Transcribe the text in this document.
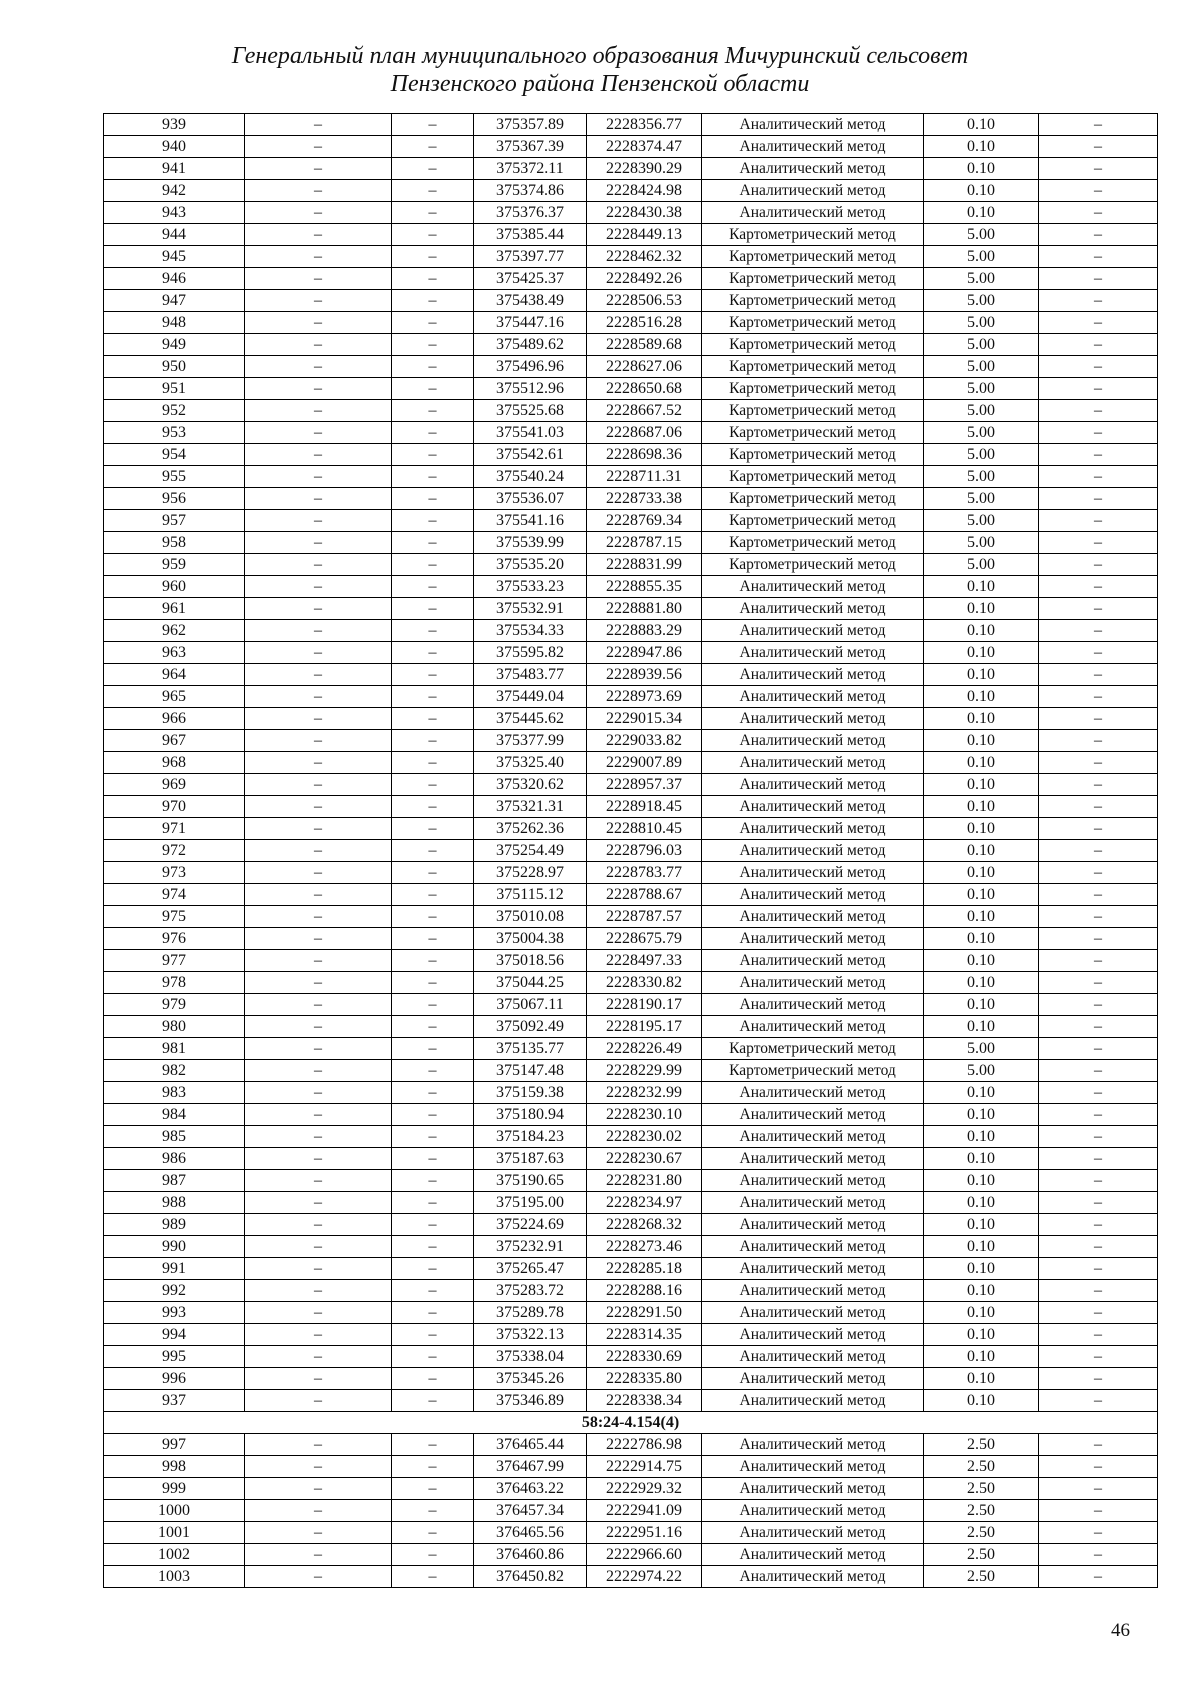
Генеральный план муниципального образования Мичуринский сельсовет
Пензенского района Пензенской области
939	–	–	375357.89	2228356.77	Аналитический метод	0.10	–
940	–	–	375367.39	2228374.47	Аналитический метод	0.10	–
941	–	–	375372.11	2228390.29	Аналитический метод	0.10	–
942	–	–	375374.86	2228424.98	Аналитический метод	0.10	–
943	–	–	375376.37	2228430.38	Аналитический метод	0.10	–
944	–	–	375385.44	2228449.13	Картометрический метод	5.00	–
945	–	–	375397.77	2228462.32	Картометрический метод	5.00	–
946	–	–	375425.37	2228492.26	Картометрический метод	5.00	–
947	–	–	375438.49	2228506.53	Картометрический метод	5.00	–
948	–	–	375447.16	2228516.28	Картометрический метод	5.00	–
949	–	–	375489.62	2228589.68	Картометрический метод	5.00	–
950	–	–	375496.96	2228627.06	Картометрический метод	5.00	–
951	–	–	375512.96	2228650.68	Картометрический метод	5.00	–
952	–	–	375525.68	2228667.52	Картометрический метод	5.00	–
953	–	–	375541.03	2228687.06	Картометрический метод	5.00	–
954	–	–	375542.61	2228698.36	Картометрический метод	5.00	–
955	–	–	375540.24	2228711.31	Картометрический метод	5.00	–
956	–	–	375536.07	2228733.38	Картометрический метод	5.00	–
957	–	–	375541.16	2228769.34	Картометрический метод	5.00	–
958	–	–	375539.99	2228787.15	Картометрический метод	5.00	–
959	–	–	375535.20	2228831.99	Картометрический метод	5.00	–
960	–	–	375533.23	2228855.35	Аналитический метод	0.10	–
961	–	–	375532.91	2228881.80	Аналитический метод	0.10	–
962	–	–	375534.33	2228883.29	Аналитический метод	0.10	–
963	–	–	375595.82	2228947.86	Аналитический метод	0.10	–
964	–	–	375483.77	2228939.56	Аналитический метод	0.10	–
965	–	–	375449.04	2228973.69	Аналитический метод	0.10	–
966	–	–	375445.62	2229015.34	Аналитический метод	0.10	–
967	–	–	375377.99	2229033.82	Аналитический метод	0.10	–
968	–	–	375325.40	2229007.89	Аналитический метод	0.10	–
969	–	–	375320.62	2228957.37	Аналитический метод	0.10	–
970	–	–	375321.31	2228918.45	Аналитический метод	0.10	–
971	–	–	375262.36	2228810.45	Аналитический метод	0.10	–
972	–	–	375254.49	2228796.03	Аналитический метод	0.10	–
973	–	–	375228.97	2228783.77	Аналитический метод	0.10	–
974	–	–	375115.12	2228788.67	Аналитический метод	0.10	–
975	–	–	375010.08	2228787.57	Аналитический метод	0.10	–
976	–	–	375004.38	2228675.79	Аналитический метод	0.10	–
977	–	–	375018.56	2228497.33	Аналитический метод	0.10	–
978	–	–	375044.25	2228330.82	Аналитический метод	0.10	–
979	–	–	375067.11	2228190.17	Аналитический метод	0.10	–
980	–	–	375092.49	2228195.17	Аналитический метод	0.10	–
981	–	–	375135.77	2228226.49	Картометрический метод	5.00	–
982	–	–	375147.48	2228229.99	Картометрический метод	5.00	–
983	–	–	375159.38	2228232.99	Аналитический метод	0.10	–
984	–	–	375180.94	2228230.10	Аналитический метод	0.10	–
985	–	–	375184.23	2228230.02	Аналитический метод	0.10	–
986	–	–	375187.63	2228230.67	Аналитический метод	0.10	–
987	–	–	375190.65	2228231.80	Аналитический метод	0.10	–
988	–	–	375195.00	2228234.97	Аналитический метод	0.10	–
989	–	–	375224.69	2228268.32	Аналитический метод	0.10	–
990	–	–	375232.91	2228273.46	Аналитический метод	0.10	–
991	–	–	375265.47	2228285.18	Аналитический метод	0.10	–
992	–	–	375283.72	2228288.16	Аналитический метод	0.10	–
993	–	–	375289.78	2228291.50	Аналитический метод	0.10	–
994	–	–	375322.13	2228314.35	Аналитический метод	0.10	–
995	–	–	375338.04	2228330.69	Аналитический метод	0.10	–
996	–	–	375345.26	2228335.80	Аналитический метод	0.10	–
937	–	–	375346.89	2228338.34	Аналитический метод	0.10	–
58:24-4.154(4)							
997	–	–	376465.44	2222786.98	Аналитический метод	2.50	–
998	–	–	376467.99	2222914.75	Аналитический метод	2.50	–
999	–	–	376463.22	2222929.32	Аналитический метод	2.50	–
1000	–	–	376457.34	2222941.09	Аналитический метод	2.50	–
1001	–	–	376465.56	2222951.16	Аналитический метод	2.50	–
1002	–	–	376460.86	2222966.60	Аналитический метод	2.50	–
1003	–	–	376450.82	2222974.22	Аналитический метод	2.50	–
46
